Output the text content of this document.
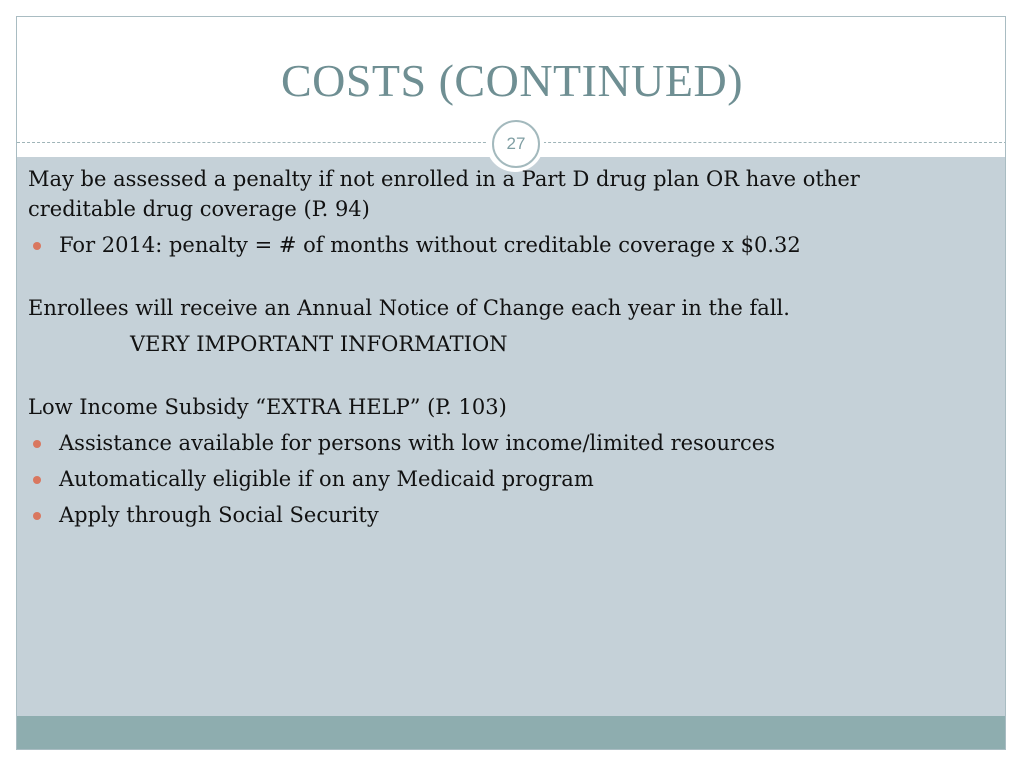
COSTS (CONTINUED)
27

May be assessed a penalty if not enrolled in a Part D drug plan OR have other creditable drug coverage (P. 94)

For 2014: penalty = # of months without creditable coverage x $0.32

Enrollees will receive an Annual Notice of Change each year in the fall.

VERY IMPORTANT INFORMATION

Low Income Subsidy “EXTRA HELP” (P. 103)

Assistance available for persons with low income/limited resources
Automatically eligible if on any Medicaid program
Apply through Social Security
